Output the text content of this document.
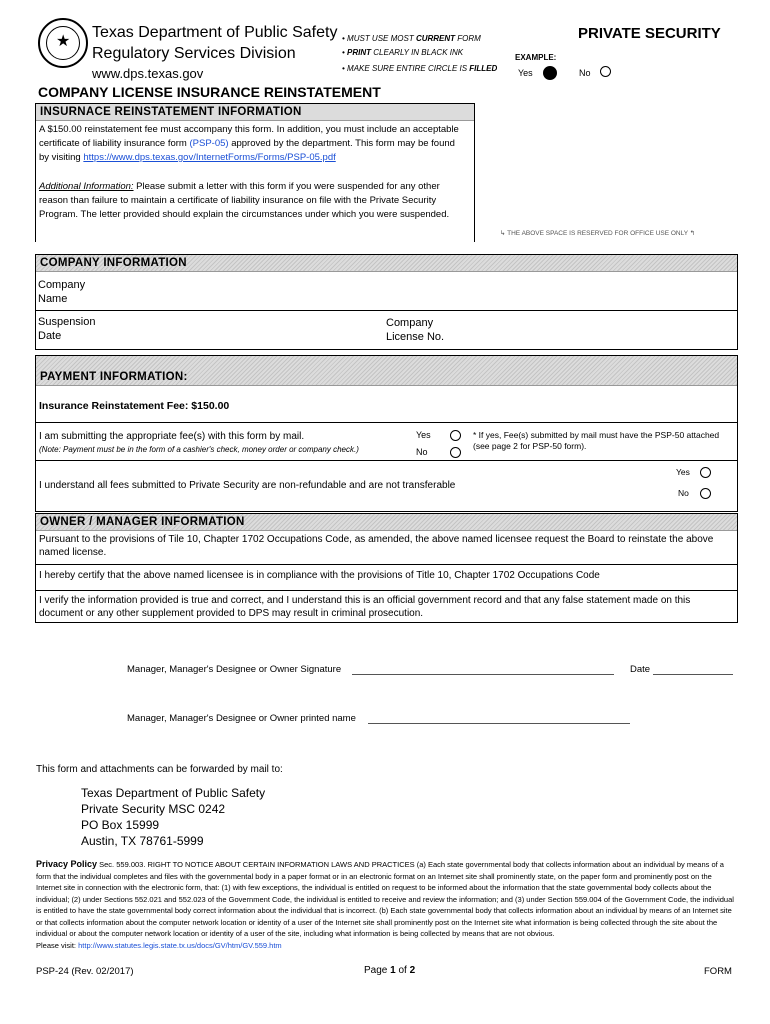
★ Texas Department of Public Safety
Regulatory Services Division
www.dps.texas.gov
• MUST USE MOST CURRENT FORM
• PRINT CLEARLY IN BLACK INK
• MAKE SURE ENTIRE CIRCLE IS FILLED
PRIVATE SECURITY
EXAMPLE:
Yes	No
COMPANY LICENSE INSURANCE REINSTATEMENT
INSURNACE REINSTATEMENT INFORMATION
A $150.00 reinstatement fee must accompany this form. In addition, you must include an acceptable certificate of liability insurance form (PSP-05) approved by the department. This form may be found by visiting https://www.dps.texas.gov/InternetForms/Forms/PSP-05.pdf
Additional Information: Please submit a letter with this form if you were suspended for any other reason than failure to maintain a certificate of liability insurance on file with the Private Security Program. The letter provided should explain the circumstances under which you were suspended.
↳ THE ABOVE SPACE IS RESERVED FOR OFFICE USE ONLY ↰
COMPANY INFORMATION
Company Name
Suspension Date
Company License No.
PAYMENT INFORMATION:
Insurance Reinstatement Fee: $150.00
I am submitting the appropriate fee(s) with this form by mail.
(Note: Payment must be in the form of a cashier's check, money order or company check.)
Yes
No
* If yes, Fee(s) submitted by mail must have the PSP-50 attached (see page 2 for PSP-50 form).
Yes
I understand all fees submitted to Private Security are non-refundable and are not transferable
No
OWNER / MANAGER INFORMATION
Pursuant to the provisions of Tile 10, Chapter 1702 Occupations Code, as amended, the above named licensee request the Board to reinstate the above named license.
I hereby certify that the above named licensee is in compliance with the provisions of Title 10, Chapter 1702 Occupations Code
I verify the information provided is true and correct, and I understand this is an official government record and that any false statement made on this document or any other supplement provided to DPS may result in criminal prosecution.
Manager, Manager's Designee or Owner Signature	Date
Manager, Manager's Designee or Owner printed name
This form and attachments can be forwarded by mail to:
Texas Department of Public Safety
Private Security MSC 0242
PO Box 15999
Austin, TX 78761-5999
Privacy Policy Sec. 559.003. RIGHT TO NOTICE ABOUT CERTAIN INFORMATION LAWS AND PRACTICES (a) Each state governmental body that collects information about an individual by means of a form that the individual completes and files with the governmental body in a paper format or in an electronic format on an Internet site shall prominently state, on the paper form and prominently post on the Internet site in connection with the electronic form, that: (1) with few exceptions, the individual is entitled on request to be informed about the information that the state governmental body collects about the individual; (2) under Sections 552.021 and 552.023 of the Government Code, the individual is entitled to receive and review the information; and (3) under Section 559.004 of the Government Code, the individual is entitled to have the state governmental body correct information about the individual that is incorrect. (b) Each state governmental body that collects information about an individual by means of an Internet site or that collects information about the computer network location or identity of a user of the Internet site shall prominently post on the Internet site what information is being collected through the site about the individual or about the computer network location or identity of a user of the site, including what information is being collected by means that are not obvious.
Please visit: http://www.statutes.legis.state.tx.us/docs/GV/htm/GV.559.htm
PSP-24 (Rev. 02/2017)	Page 1 of 2	FORM
